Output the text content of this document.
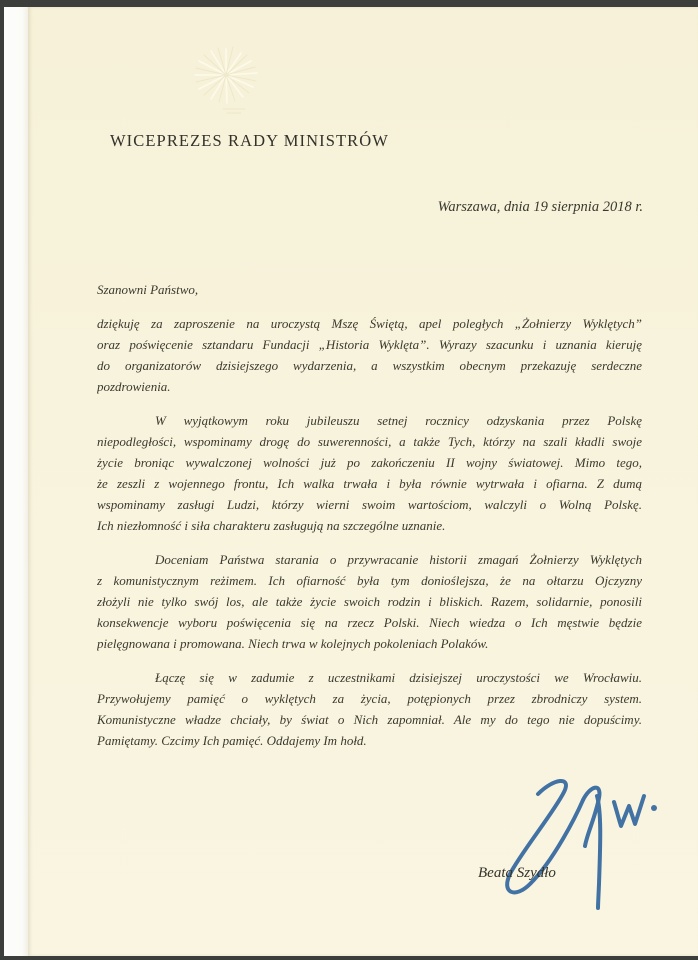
WICEPREZES RADY MINISTRÓW
Warszawa, dnia 19 sierpnia 2018 r.
Szanowni Państwo,
dziękuję za zaproszenie na uroczystą Mszę Świętą, apel poległych „Żołnierzy Wyklętych”
oraz poświęcenie sztandaru Fundacji „Historia Wyklęta”. Wyrazy szacunku i uznania kieruję
do organizatorów dzisiejszego wydarzenia, a wszystkim obecnym przekazuję serdeczne
pozdrowienia.
W wyjątkowym roku jubileuszu setnej rocznicy odzyskania przez Polskę
niepodległości, wspominamy drogę do suwerenności, a także Tych, którzy na szali kładli swoje
życie broniąc wywalczonej wolności już po zakończeniu II wojny światowej. Mimo tego,
że zeszli z wojennego frontu, Ich walka trwała i była równie wytrwała i ofiarna. Z dumą
wspominamy zasługi Ludzi, którzy wierni swoim wartościom, walczyli o Wolną Polskę.
Ich niezłomność i siła charakteru zasługują na szczególne uznanie.
Doceniam Państwa starania o przywracanie historii zmagań Żołnierzy Wyklętych
z komunistycznym reżimem. Ich ofiarność była tym donioślejsza, że na ołtarzu Ojczyzny
złożyli nie tylko swój los, ale także życie swoich rodzin i bliskich. Razem, solidarnie, ponosili
konsekwencje wyboru poświęcenia się na rzecz Polski. Niech wiedza o Ich męstwie będzie
pielęgnowana i promowana. Niech trwa w kolejnych pokoleniach Polaków.
Łączę się w zadumie z uczestnikami dzisiejszej uroczystości we Wrocławiu.
Przywołujemy pamięć o wyklętych za życia, potępionych przez zbrodniczy system.
Komunistyczne władze chciały, by świat o Nich zapomniał. Ale my do tego nie dopuścimy.
Pamiętamy. Czcimy Ich pamięć. Oddajemy Im hołd.
Beata Szydło
